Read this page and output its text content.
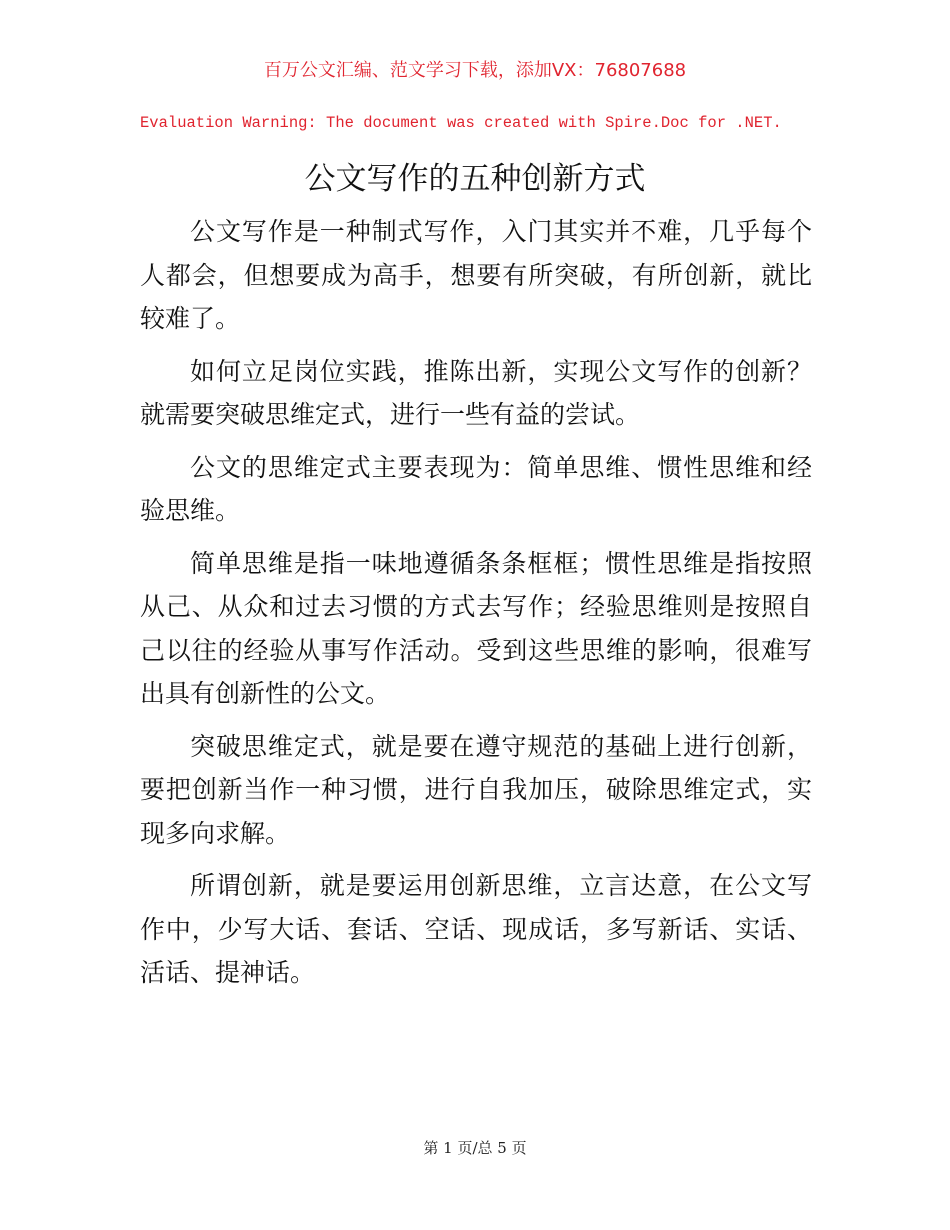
百万公文汇编、范文学习下载，添加VX：76807688
Evaluation Warning: The document was created with Spire.Doc for .NET.
公文写作的五种创新方式

公文写作是一种制式写作，入门其实并不难，几乎每个人都会，但想要成为高手，想要有所突破，有所创新，就比较难了。

如何立足岗位实践，推陈出新，实现公文写作的创新？就需要突破思维定式，进行一些有益的尝试。

公文的思维定式主要表现为：简单思维、惯性思维和经验思维。

简单思维是指一味地遵循条条框框；惯性思维是指按照从己、从众和过去习惯的方式去写作；经验思维则是按照自己以往的经验从事写作活动。受到这些思维的影响，很难写出具有创新性的公文。

突破思维定式，就是要在遵守规范的基础上进行创新，要把创新当作一种习惯，进行自我加压，破除思维定式，实现多向求解。

所谓创新，就是要运用创新思维，立言达意，在公文写作中，少写大话、套话、空话、现成话，多写新话、实话、活话、提神话。

第 1 页/总 5 页
